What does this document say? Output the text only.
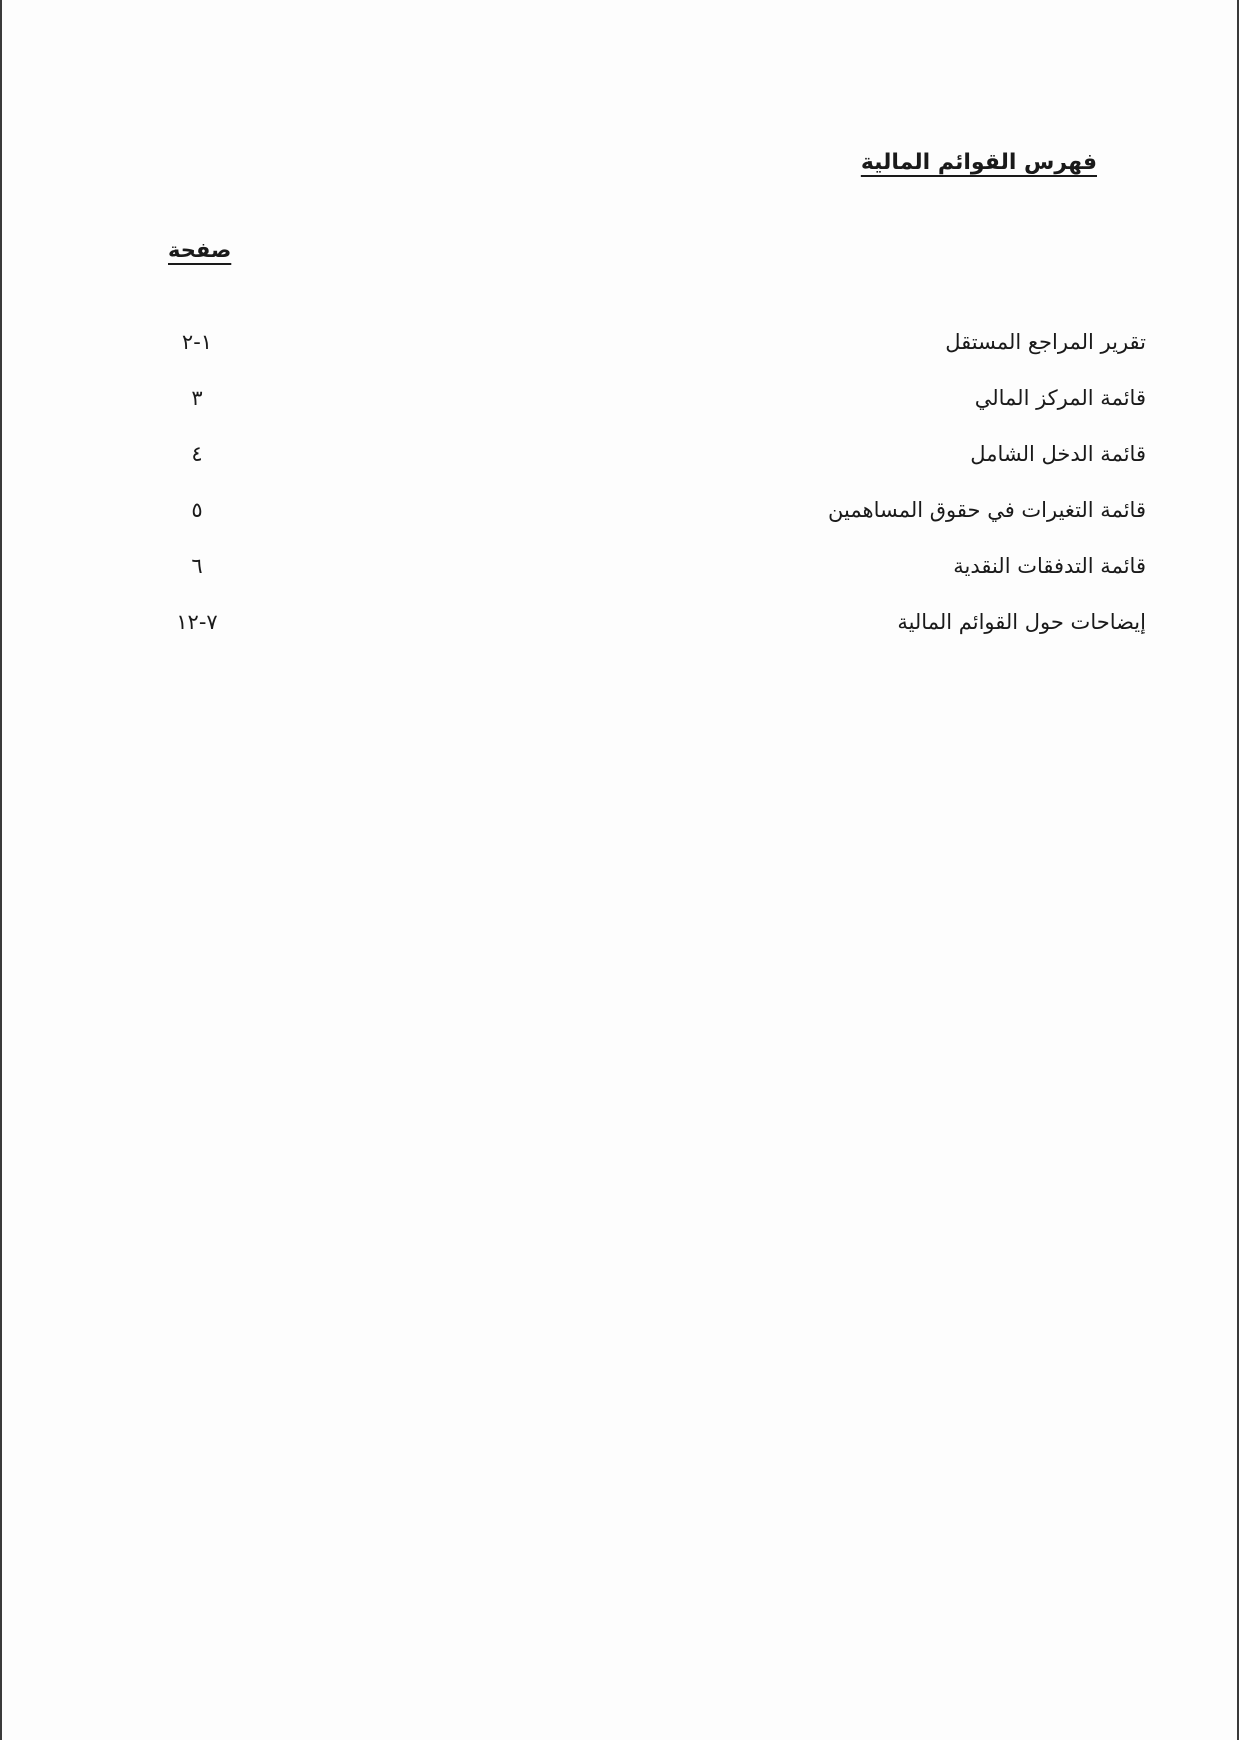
فهرس القوائم المالية
صفحة
تقرير المراجع المستقل
١-٢
قائمة المركز المالي
٣
قائمة الدخل الشامل
٤
قائمة التغيرات في حقوق المساهمين
٥
قائمة التدفقات النقدية
٦
إيضاحات حول القوائم المالية
٧-١٢
